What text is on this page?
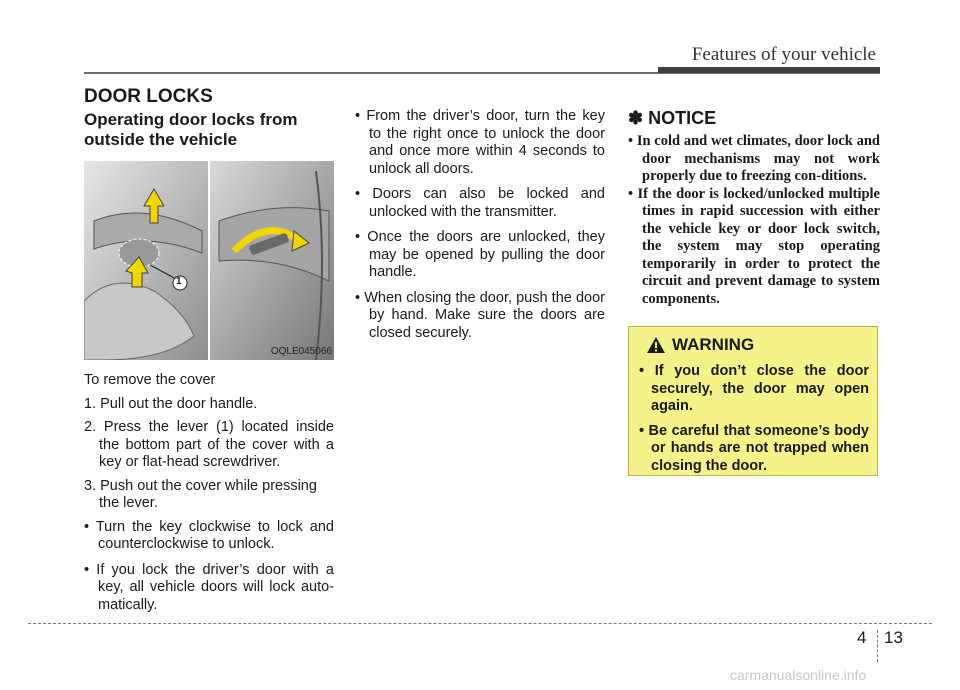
Features of your vehicle
DOOR LOCKS
Operating door locks from outside the vehicle
1
OQLE045066

To remove the cover

1. Pull out the door handle.

2. Press the lever (1) located inside the bottom part of the cover with a key or flat-head screwdriver.

3. Push out the cover while pressing the lever.

• Turn the key clockwise to lock and counterclockwise to unlock.

• If you lock the driver’s door with a key, all vehicle doors will lock auto-matically.

• From the driver’s door, turn the key to the right once to unlock the door and once more within 4 seconds to unlock all doors.

• Doors can also be locked and unlocked with the transmitter.

• Once the doors are unlocked, they may be opened by pulling the door handle.

• When closing the door, push the door by hand. Make sure the doors are closed securely.

✽ NOTICE

• In cold and wet climates, door lock and door mechanisms may not work properly due to freezing con-ditions.

• If the door is locked/unlocked multiple times in rapid succession with either the vehicle key or door lock switch, the system may stop operating temporarily in order to protect the circuit and prevent damage to system components.

WARNING

• If you don’t close the door securely, the door may open again.

• Be careful that someone’s body or hands are not trapped when closing the door.

4 13
carmanualsonline.info
